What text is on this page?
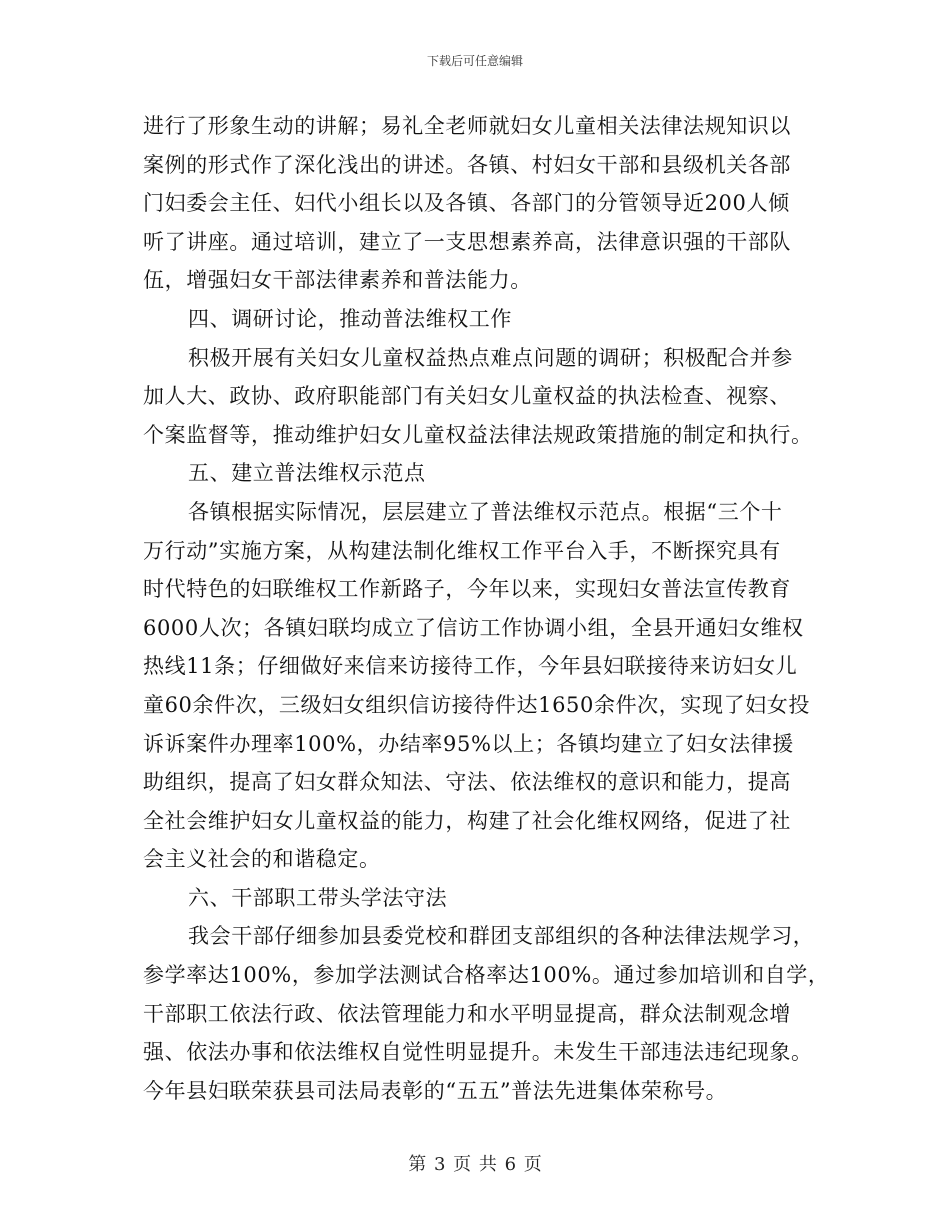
下载后可任意编辑
进行了形象生动的讲解；易礼全老师就妇女儿童相关法律法规知识以
案例的形式作了深化浅出的讲述。各镇、村妇女干部和县级机关各部
门妇委会主任、妇代小组长以及各镇、各部门的分管领导近200人倾
听了讲座。通过培训，建立了一支思想素养高，法律意识强的干部队
伍，增强妇女干部法律素养和普法能力。
四、调研讨论，推动普法维权工作
积极开展有关妇女儿童权益热点难点问题的调研；积极配合并参
加人大、政协、政府职能部门有关妇女儿童权益的执法检查、视察、
个案监督等，推动维护妇女儿童权益法律法规政策措施的制定和执行。
五、建立普法维权示范点
各镇根据实际情况，层层建立了普法维权示范点。根据“三个十
万行动”实施方案，从构建法制化维权工作平台入手，不断探究具有
时代特色的妇联维权工作新路子，今年以来，实现妇女普法宣传教育
6000人次；各镇妇联均成立了信访工作协调小组，全县开通妇女维权
热线11条；仔细做好来信来访接待工作，今年县妇联接待来访妇女儿
童60余件次，三级妇女组织信访接待件达1650余件次，实现了妇女投
诉诉案件办理率100%，办结率95%以上；各镇均建立了妇女法律援
助组织，提高了妇女群众知法、守法、依法维权的意识和能力，提高
全社会维护妇女儿童权益的能力，构建了社会化维权网络，促进了社
会主义社会的和谐稳定。
六、干部职工带头学法守法
我会干部仔细参加县委党校和群团支部组织的各种法律法规学习，
参学率达100%，参加学法测试合格率达100%。通过参加培训和自学，
干部职工依法行政、依法管理能力和水平明显提高，群众法制观念增
强、依法办事和依法维权自觉性明显提升。未发生干部违法违纪现象。
今年县妇联荣获县司法局表彰的“五五”普法先进集体荣称号。
第 3 页 共 6 页
